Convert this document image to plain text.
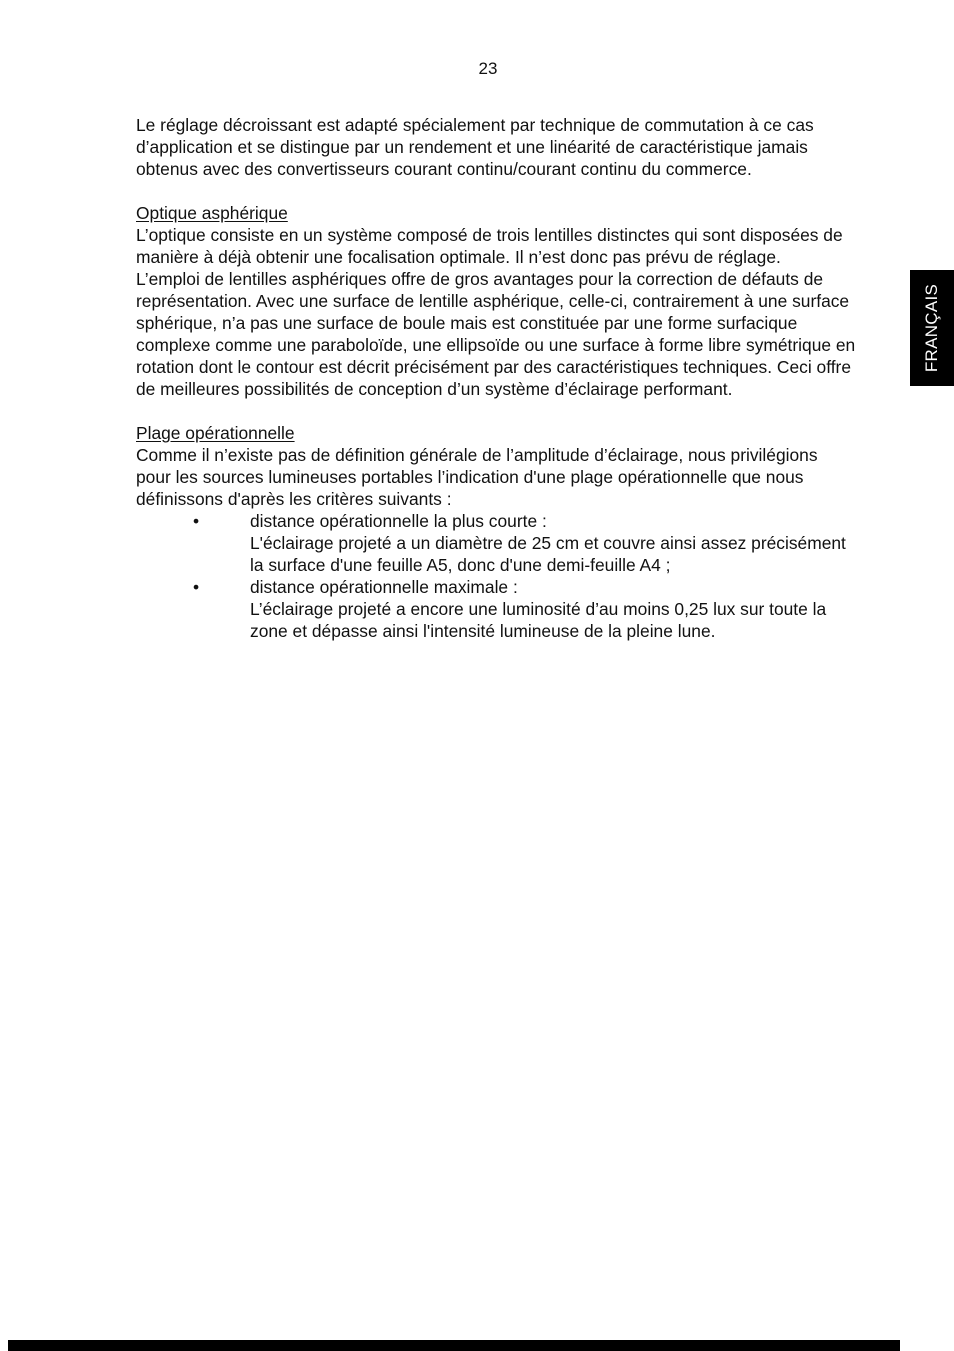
23
FRANÇAIS

Le réglage décroissant est adapté spécialement par technique de commutation à ce cas d’application et se distingue par un rendement et une linéarité de caractéristique jamais obtenus avec des convertisseurs courant continu/courant continu du commerce.

Optique asphérique

L’optique consiste en un système composé de trois lentilles distinctes qui sont disposées de manière à déjà obtenir une focalisation optimale. Il n’est donc pas prévu de réglage.

L’emploi de lentilles asphériques offre de gros avantages pour la correction de défauts de représentation. Avec une surface de lentille asphérique, celle-ci, contrairement à une surface sphérique, n’a pas une surface de boule mais est constituée par une forme surfacique complexe comme une paraboloïde, une ellipsoïde ou une surface à forme libre symétrique en rotation dont le contour est décrit précisément par des caractéristiques techniques. Ceci offre de meilleures possibilités de conception d’un système d’éclairage performant.

Plage opérationnelle

Comme il n’existe pas de définition générale de l’amplitude d’éclairage, nous privilégions pour les sources lumineuses portables l’indication d'une plage opérationnelle que nous définissons d'après les critères suivants :

•	distance opérationnelle la plus courte :

L'éclairage projeté a un diamètre de 25 cm et couvre ainsi assez précisément la surface d'une feuille A5, donc d'une demi-feuille A4 ;

•	distance opérationnelle maximale :

L’éclairage projeté a encore une luminosité d’au moins 0,25 lux sur toute la zone et dépasse ainsi l'intensité lumineuse de la pleine lune.
